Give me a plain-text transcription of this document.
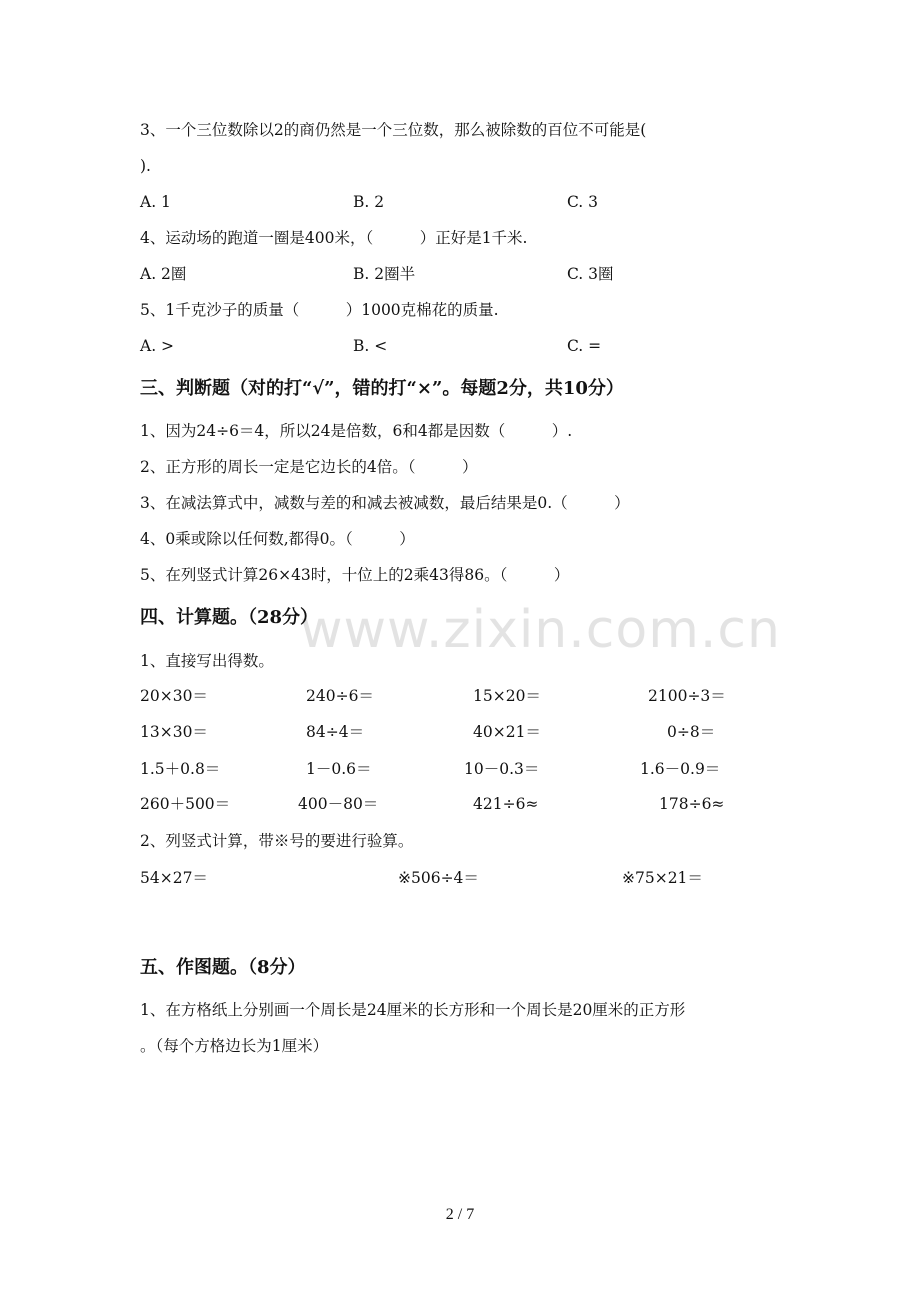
www.zixin.com.cn
3、一个三位数除以2的商仍然是一个三位数，那么被除数的百位不可能是(
).
A. 1	B. 2	C. 3
4、运动场的跑道一圈是400米，（　　　）正好是1千米.
A. 2圈	B. 2圈半	C. 3圈
5、1千克沙子的质量（　　　）1000克棉花的质量.
A. >	B. <	C. =
三、判断题（对的打“√”，错的打“×”。每题2分，共10分）
1、因为24÷6＝4，所以24是倍数，6和4都是因数（　　　）.
2、正方形的周长一定是它边长的4倍。（　　　）
3、在减法算式中，减数与差的和减去被减数，最后结果是0.（　　　）
4、0乘或除以任何数,都得0。（　　　）
5、在列竖式计算26×43时，十位上的2乘43得86。（　　　）
四、计算题。（28分）
1、直接写出得数。
20×30＝	240÷6＝	15×20＝	2100÷3＝
13×30＝	84÷4＝	40×21＝	0÷8＝
1.5＋0.8＝	1－0.6＝	10－0.3＝	1.6－0.9＝
260＋500＝	400－80＝	421÷6≈	178÷6≈
2、列竖式计算，带※号的要进行验算。
54×27＝	※506÷4＝	※75×21＝
五、作图题。（8分）
1、在方格纸上分别画一个周长是24厘米的长方形和一个周长是20厘米的正方形
。（每个方格边长为1厘米）
2 / 7
